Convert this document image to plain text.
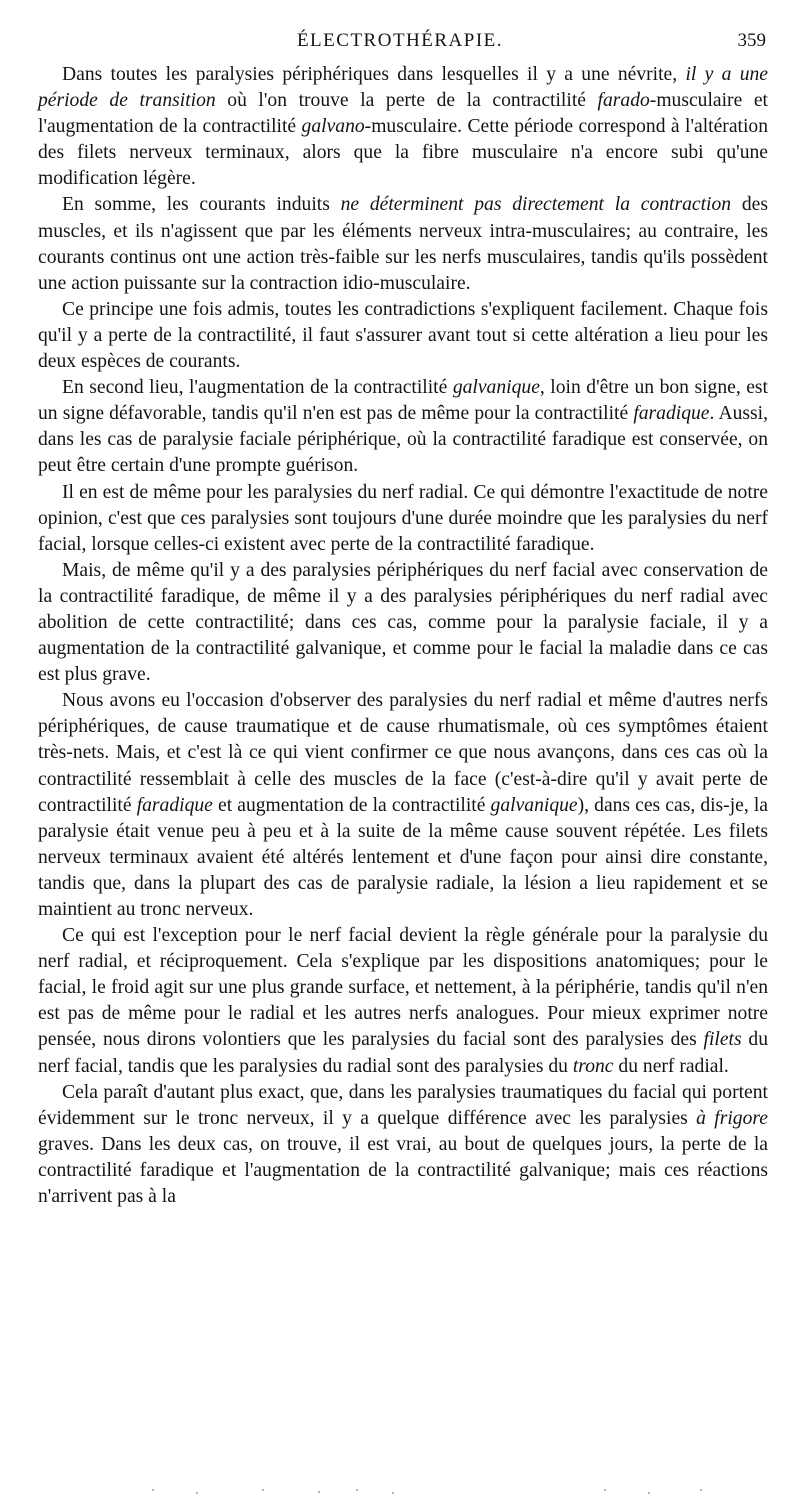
ÉLECTROTHÉRAPIE.	359

Dans toutes les paralysies périphériques dans lesquelles il y a une névrite, il y a une période de transition où l'on trouve la perte de la contractilité farado-musculaire et l'augmentation de la contractilité galvano-musculaire. Cette période correspond à l'altération des filets nerveux terminaux, alors que la fibre musculaire n'a encore subi qu'une modification légère.

En somme, les courants induits ne déterminent pas directement la contraction des muscles, et ils n'agissent que par les éléments nerveux intra-musculaires; au contraire, les courants continus ont une action très-faible sur les nerfs musculaires, tandis qu'ils possèdent une action puissante sur la contraction idio-musculaire.

Ce principe une fois admis, toutes les contradictions s'expliquent facilement. Chaque fois qu'il y a perte de la contractilité, il faut s'assurer avant tout si cette altération a lieu pour les deux espèces de courants.

En second lieu, l'augmentation de la contractilité galvanique, loin d'être un bon signe, est un signe défavorable, tandis qu'il n'en est pas de même pour la contractilité faradique. Aussi, dans les cas de paralysie faciale périphérique, où la contractilité faradique est conservée, on peut être certain d'une prompte guérison.

Il en est de même pour les paralysies du nerf radial. Ce qui démontre l'exactitude de notre opinion, c'est que ces paralysies sont toujours d'une durée moindre que les paralysies du nerf facial, lorsque celles-ci existent avec perte de la contractilité faradique.

Mais, de même qu'il y a des paralysies périphériques du nerf facial avec conservation de la contractilité faradique, de même il y a des paralysies périphériques du nerf radial avec abolition de cette contractilité; dans ces cas, comme pour la paralysie faciale, il y a augmentation de la contractilité galvanique, et comme pour le facial la maladie dans ce cas est plus grave.

Nous avons eu l'occasion d'observer des paralysies du nerf radial et même d'autres nerfs périphériques, de cause traumatique et de cause rhumatismale, où ces symptômes étaient très-nets. Mais, et c'est là ce qui vient confirmer ce que nous avançons, dans ces cas où la contractilité ressemblait à celle des muscles de la face (c'est-à-dire qu'il y avait perte de contractilité faradique et augmentation de la contractilité galvanique), dans ces cas, dis-je, la paralysie était venue peu à peu et à la suite de la même cause souvent répétée. Les filets nerveux terminaux avaient été altérés lentement et d'une façon pour ainsi dire constante, tandis que, dans la plupart des cas de paralysie radiale, la lésion a lieu rapidement et se maintient au tronc nerveux.

Ce qui est l'exception pour le nerf facial devient la règle générale pour la paralysie du nerf radial, et réciproquement. Cela s'explique par les dispositions anatomiques; pour le facial, le froid agit sur une plus grande surface, et nettement, à la périphérie, tandis qu'il n'en est pas de même pour le radial et les autres nerfs analogues. Pour mieux exprimer notre pensée, nous dirons volontiers que les paralysies du facial sont des paralysies des filets du nerf facial, tandis que les paralysies du radial sont des paralysies du tronc du nerf radial.

Cela paraît d'autant plus exact, que, dans les paralysies traumatiques du facial qui portent évidemment sur le tronc nerveux, il y a quelque différence avec les paralysies à frigore graves. Dans les deux cas, on trouve, il est vrai, au bout de quelques jours, la perte de la contractilité faradique et l'augmentation de la contractilité galvanique; mais ces réactions n'arrivent pas à la
